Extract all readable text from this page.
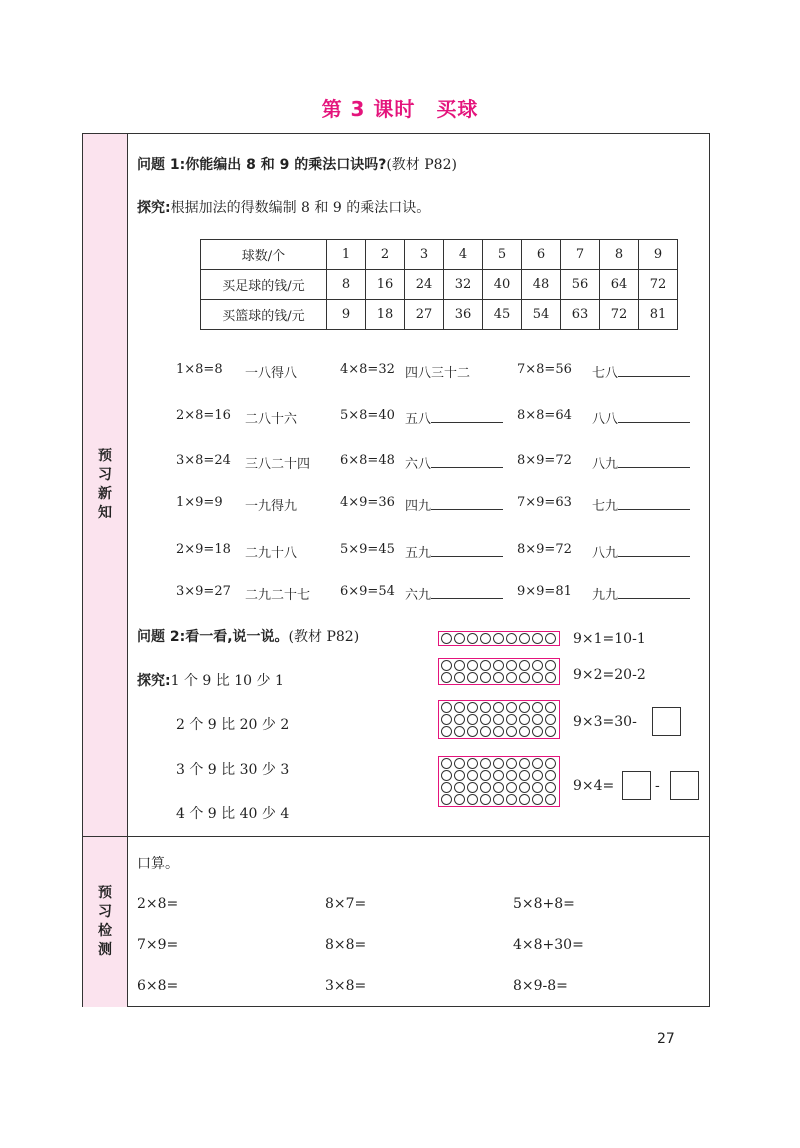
第 3 课时　买球
预习新知
预习检测
问题 1:你能编出 8 和 9 的乘法口诀吗?(教材 P82)
探究:根据加法的得数编制 8 和 9 的乘法口诀。
球数/个	1	2	3	4	5	6	7	8	9
买足球的钱/元	8	16	24	32	40	48	56	64	72
买篮球的钱/元	9	18	27	36	45	54	63	72	81
1×8=8 一八得八	4×8=32 四八三十二	7×8=56 七八
2×8=16 二八十六	5×8=40 五八	8×8=64 八八
3×8=24 三八二十四 6×8=48 六八	8×9=72 八九
1×9=9 一九得九	4×9=36 四九	7×9=63 七九
2×9=18 二九十八	5×9=45 五九	8×9=72 八九
3×9=27 二九二十七 6×9=54 六九	9×9=81 九九
问题 2:看一看,说一说。(教材 P82)
探究:1 个 9 比 10 少 1
2 个 9 比 20 少 2
3 个 9 比 30 少 3
4 个 9 比 40 少 4
9×1=10-1
9×2=20-2
9×3=30-
9×4=	-
口算。
2×8=	8×7=	5×8+8=
7×9=	8×8=	4×8+30=
6×8=	3×8=	8×9-8=
27
